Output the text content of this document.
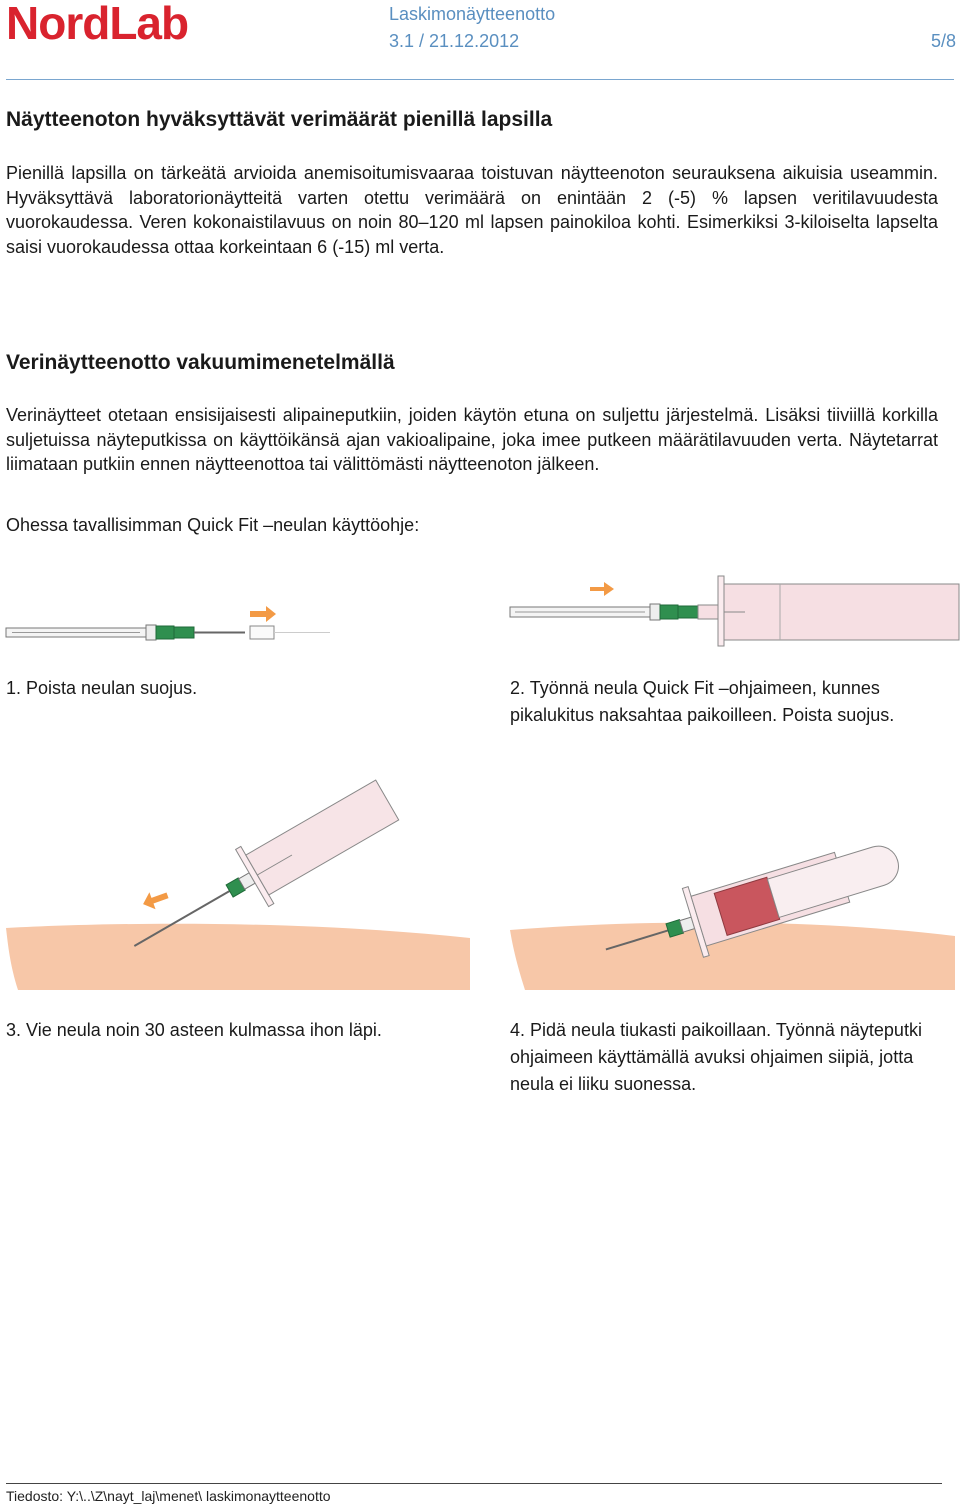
NordLab	Laskimonäytteenotto
3.1 / 21.12.2012	5/8
Näytteenoton hyväksyttävät verimäärät pienillä lapsilla

Pienillä lapsilla on tärkeätä arvioida anemisoitumisvaaraa toistuvan näytteenoton seurauksena aikuisia useammin. Hyväksyttävä laboratorionäytteitä varten otettu verimäärä on enintään 2 (-5) % lapsen veritilavuudesta vuorokaudessa. Veren kokonaistilavuus on noin 80–120 ml lapsen painokiloa kohti. Esimerkiksi 3-kiloiselta lapselta saisi vuorokaudessa ottaa korkeintaan 6 (-15) ml verta.

Verinäytteenotto vakuumimenetelmällä

Verinäytteet otetaan ensisijaisesti alipaineputkiin, joiden käytön etuna on suljettu järjestelmä. Lisäksi tiiviillä korkilla suljetuissa näyteputkissa on käyttöikänsä ajan vakioalipaine, joka imee putkeen määrätilavuuden verta. Näytetarrat liimataan putkiin ennen näytteenottoa tai välittömästi näytteenoton jälkeen.

Ohessa tavallisimman Quick Fit –neulan käyttöohje:

1. Poista neulan suojus.	2. Työnnä neula Quick Fit –ohjaimeen, kunnes pikalukitus naksahtaa paikoilleen. Poista suojus.

3. Vie neula noin 30 asteen kulmassa ihon läpi.	4. Pidä neula tiukasti paikoillaan. Työnnä näyteputki ohjaimeen käyttämällä avuksi ohjaimen siipiä, jotta neula ei liiku suonessa.

Tiedosto: Y:\..\Z\nayt_laj\menet\ laskimonaytteenotto
